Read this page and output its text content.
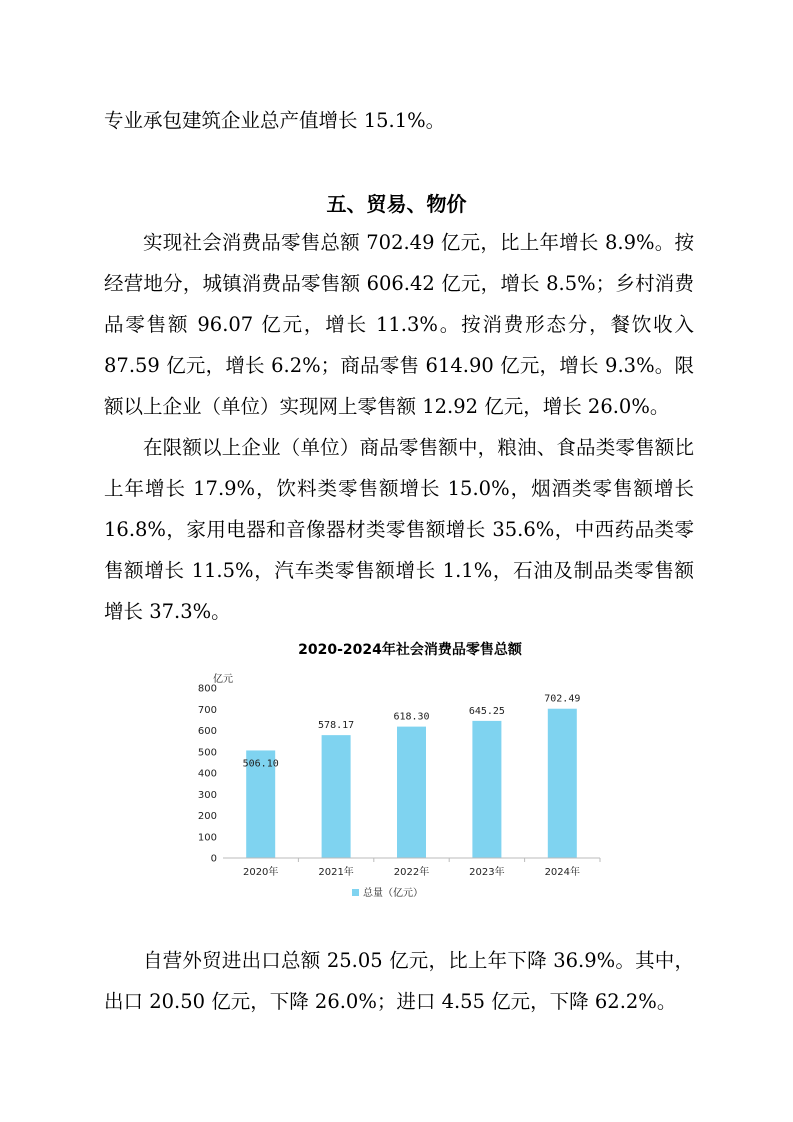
专业承包建筑企业总产值增长 15.1%。

五、贸易、物价

实现社会消费品零售总额 702.49 亿元，比上年增长 8.9%。按经营地分，城镇消费品零售额 606.42 亿元，增长 8.5%；乡村消费品零售额 96.07 亿元，增长 11.3%。按消费形态分，餐饮收入 87.59 亿元，增长 6.2%；商品零售 614.90 亿元，增长 9.3%。限额以上企业（单位）实现网上零售额 12.92 亿元，增长 26.0%。

在限额以上企业（单位）商品零售额中，粮油、食品类零售额比上年增长 17.9%，饮料类零售额增长 15.0%，烟酒类零售额增长 16.8%，家用电器和音像器材类零售额增长 35.6%，中西药品类零售额增长 11.5%，汽车类零售额增长 1.1%，石油及制品类零售额增长 37.3%。

2020-2024年社会消费品零售总额
亿元
0
100
200
300
400
500
600
700
800
506.10
578.17
618.30
645.25
702.49
2020年	2021年	2022年	2023年	2024年
总量（亿元）

自营外贸进出口总额 25.05 亿元，比上年下降 36.9%。其中，出口 20.50 亿元，下降 26.0%；进口 4.55 亿元，下降 62.2%。
